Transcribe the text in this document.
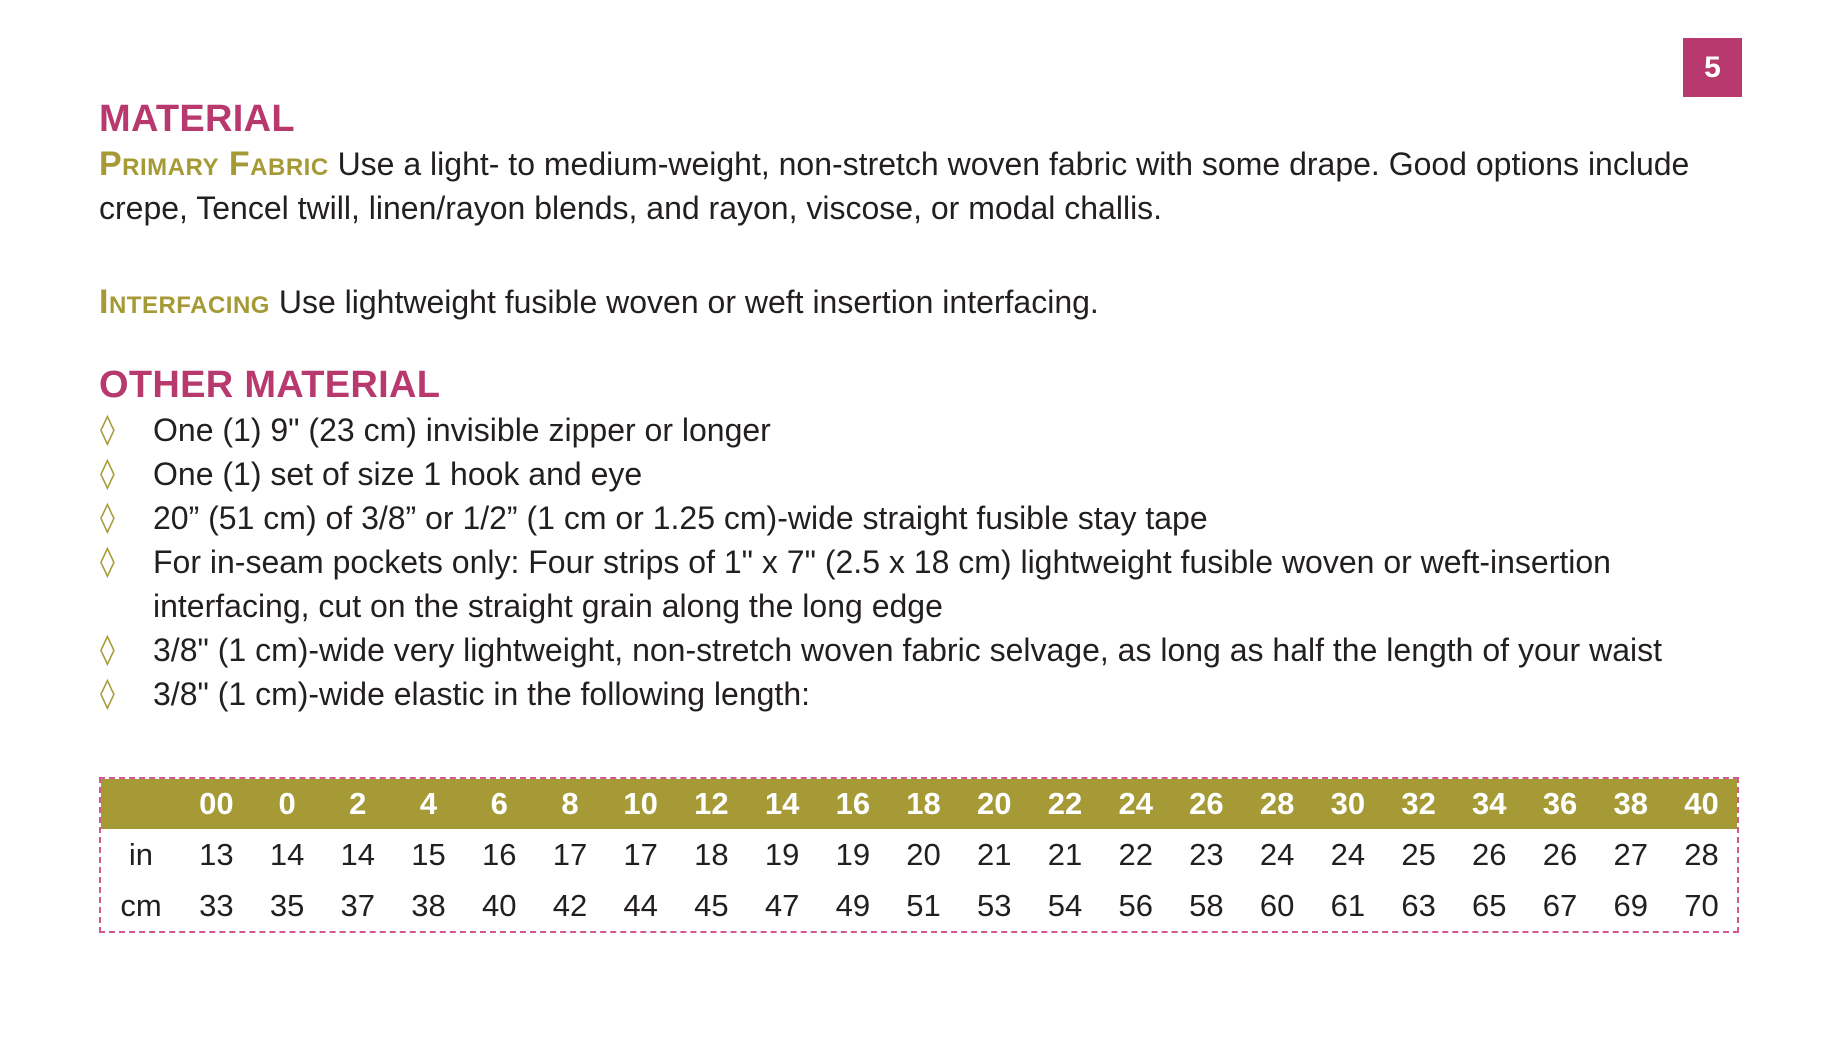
5
MATERIAL

Primary Fabric Use a light- to medium-weight, non-stretch woven fabric with some drape. Good options include crepe, Tencel twill, linen/rayon blends, and rayon, viscose, or modal challis.

Interfacing Use lightweight fusible woven or weft insertion interfacing.

OTHER MATERIAL
◊ One (1) 9" (23 cm) invisible zipper or longer
◊ One (1) set of size 1 hook and eye
◊ 20” (51 cm) of 3/8” or 1/2” (1 cm or 1.25 cm)-wide straight fusible stay tape
◊ For in-seam pockets only: Four strips of 1" x 7" (2.5 x 18 cm) lightweight fusible woven or weft-insertion interfacing, cut on the straight grain along the long edge
◊ 3/8" (1 cm)-wide very lightweight, non-stretch woven fabric selvage, as long as half the length of your waist
◊ 3/8" (1 cm)-wide elastic in the following length:
	00	0	2	4	6	8	10	12	14	16	18	20	22	24	26	28	30	32	34	36	38	40
in	13	14	14	15	16	17	17	18	19	19	20	21	21	22	23	24	24	25	26	26	27	28
cm	33	35	37	38	40	42	44	45	47	49	51	53	54	56	58	60	61	63	65	67	69	70
